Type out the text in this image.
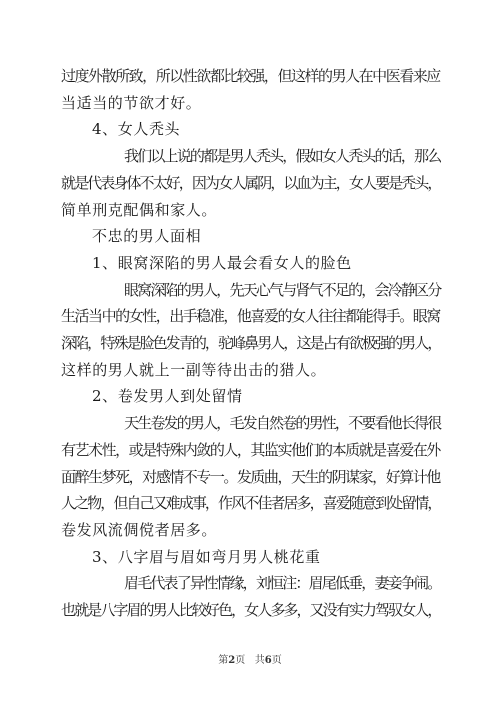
过度外散所致，所以性欲都比较强，但这样的男人在中医看来应
当适当的节欲才好。
4、女人秃头
我们以上说的都是男人秃头，假如女人秃头的话，那么
就是代表身体不太好，因为女人属阴，以血为主，女人要是秃头，
简单刑克配偶和家人。
不忠的男人面相
1、眼窝深陷的男人最会看女人的脸色
眼窝深陷的男人，先天心气与肾气不足的，会冷静区分
生活当中的女性，出手稳准，他喜爱的女人往往都能得手。眼窝
深陷，特殊是脸色发青的，驼峰鼻男人，这是占有欲极强的男人，
这样的男人就上一副等待出击的猎人。
2、卷发男人到处留情
天生卷发的男人，毛发自然卷的男性，不要看他长得很
有艺术性，或是特殊内敛的人，其监实他们的本质就是喜爱在外
面醉生梦死，对感情不专一。发质曲，天生的阴谋家，好算计他
人之物，但自己又难成事，作风不佳者居多，喜爱随意到处留情，
卷发风流倜傥者居多。
3、八字眉与眉如弯月男人桃花重
第2页 共6页
眉毛代表了异性情缘，刘恒注：眉尾低垂，妻妾争闹。
也就是八字眉的男人比较好色，女人多多，又没有实力驾驭女人，
